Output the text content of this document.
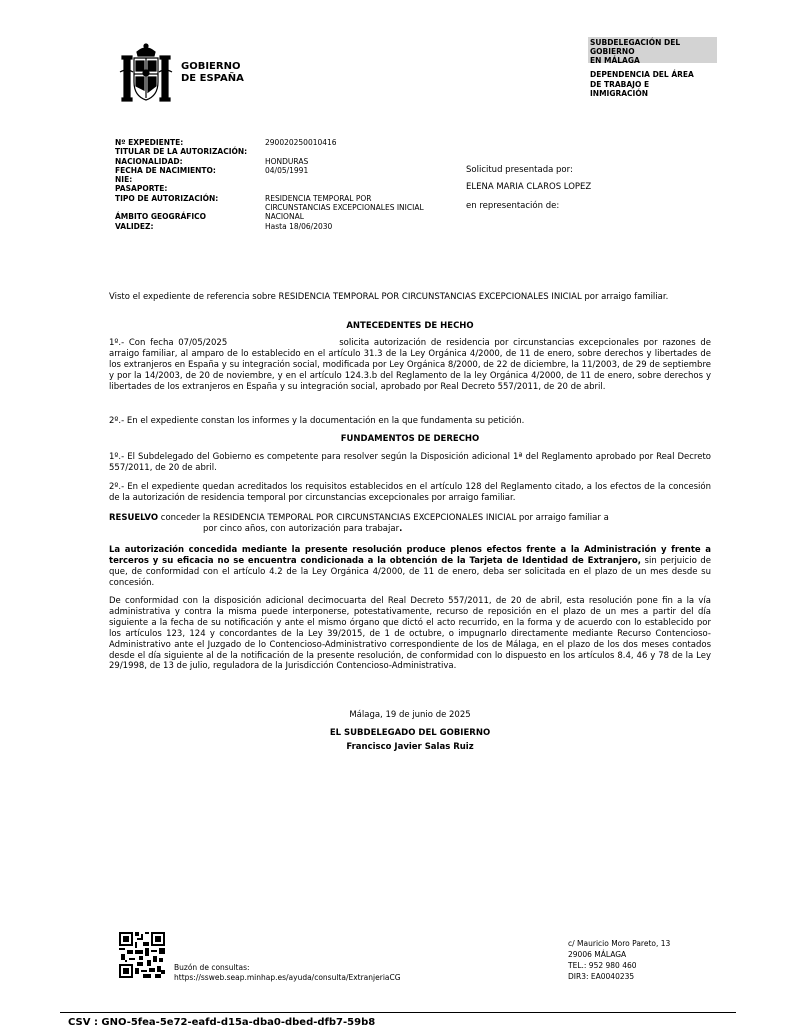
GOBIERNO
DE ESPAÑA
SUBDELEGACIÓN DEL
GOBIERNO
EN MÁLAGA
DEPENDENCIA DEL ÁREA
DE TRABAJO E
INMIGRACIÓN
Nº EXPEDIENTE:	290020250010416
TITULAR DE LA AUTORIZACIÓN:
NACIONALIDAD:	HONDURAS
FECHA DE NACIMIENTO:	04/05/1991
NIE:
PASAPORTE:
TIPO DE AUTORIZACIÓN:	RESIDENCIA TEMPORAL POR
CIRCUNSTANCIAS EXCEPCIONALES INICIAL
ÁMBITO GEOGRÁFICO	NACIONAL
VALIDEZ:	Hasta 18/06/2030
Solicitud presentada por:
ELENA MARIA CLAROS LOPEZ
en representación de:
Visto el expediente de referencia sobre RESIDENCIA TEMPORAL POR CIRCUNSTANCIAS EXCEPCIONALES INICIAL por arraigo familiar.
ANTECEDENTES DE HECHO
1º.- Con fecha 07/05/2025	solicita autorización de residencia por circunstancias excepcionales por razones de arraigo familiar, al amparo de lo establecido en el artículo 31.3 de la Ley Orgánica 4/2000, de 11 de enero, sobre derechos y libertades de los extranjeros en España y su integración social, modificada por Ley Orgánica 8/2000, de 22 de diciembre, la 11/2003, de 29 de septiembre y por la 14/2003, de 20 de noviembre, y en el artículo 124.3.b del Reglamento de la ley Orgánica 4/2000, de 11 de enero, sobre derechos y libertades de los extranjeros en España y su integración social, aprobado por Real Decreto 557/2011, de 20 de abril.
2º.- En el expediente constan los informes y la documentación en la que fundamenta su petición.
FUNDAMENTOS DE DERECHO
1º.- El Subdelegado del Gobierno es competente para resolver según la Disposición adicional 1ª del Reglamento aprobado por Real Decreto 557/2011, de 20 de abril.
2º.- En el expediente quedan acreditados los requisitos establecidos en el artículo 128 del Reglamento citado, a los efectos de la concesión de la autorización de residencia temporal por circunstancias excepcionales por arraigo familiar.
RESUELVO conceder la RESIDENCIA TEMPORAL POR CIRCUNSTANCIAS EXCEPCIONALES INICIAL por arraigo familiar a
por cinco años, con autorización para trabajar.
La autorización concedida mediante la presente resolución produce plenos efectos frente a la Administración y frente a terceros y su eficacia no se encuentra condicionada a la obtención de la Tarjeta de Identidad de Extranjero, sin perjuicio de que, de conformidad con el artículo 4.2 de la Ley Orgánica 4/2000, de 11 de enero, deba ser solicitada en el plazo de un mes desde su concesión.
De conformidad con la disposición adicional decimocuarta del Real Decreto 557/2011, de 20 de abril, esta resolución pone fin a la vía administrativa y contra la misma puede interponerse, potestativamente, recurso de reposición en el plazo de un mes a partir del día siguiente a la fecha de su notificación y ante el mismo órgano que dictó el acto recurrido, en la forma y de acuerdo con lo establecido por los artículos 123, 124 y concordantes de la Ley 39/2015, de 1 de octubre, o impugnarlo directamente mediante Recurso Contencioso-Administrativo ante el Juzgado de lo Contencioso-Administrativo correspondiente de los de Málaga, en el plazo de los dos meses contados desde el día siguiente al de la notificación de la presente resolución, de conformidad con lo dispuesto en los artículos 8.4, 46 y 78 de la Ley 29/1998, de 13 de julio, reguladora de la Jurisdicción Contencioso-Administrativa.
Málaga, 19 de junio de 2025
EL SUBDELEGADO DEL GOBIERNO
Francisco Javier Salas Ruiz
Buzón de consultas:
https://ssweb.seap.minhap.es/ayuda/consulta/ExtranjeriaCG
c/ Mauricio Moro Pareto, 13
29006 MÁLAGA
TEL.: 952 980 460
DIR3: EA0040235
CSV : GNO-5fea-5e72-eafd-d15a-dba0-dbed-dfb7-59b8
